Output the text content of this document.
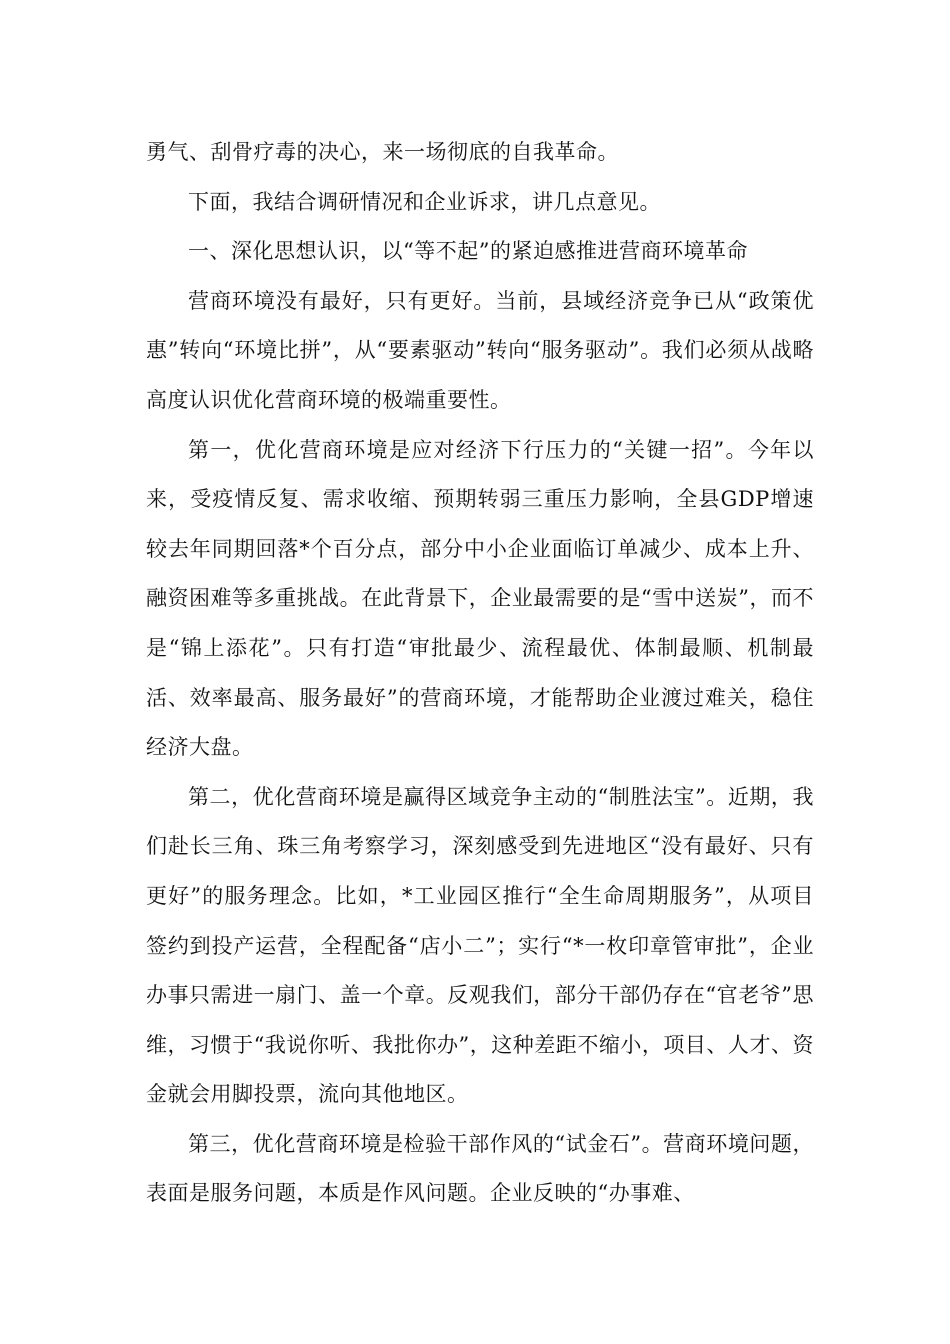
勇气、刮骨疗毒的决心，来一场彻底的自我革命。

下面，我结合调研情况和企业诉求，讲几点意见。

一、深化思想认识，以“等不起”的紧迫感推进营商环境革命

营商环境没有最好，只有更好。当前，县域经济竞争已从“政策优惠”转向“环境比拼”，从“要素驱动”转向“服务驱动”。我们必须从战略高度认识优化营商环境的极端重要性。

第一，优化营商环境是应对经济下行压力的“关键一招”。今年以来，受疫情反复、需求收缩、预期转弱三重压力影响，全县GDP增速较去年同期回落*个百分点，部分中小企业面临订单减少、成本上升、融资困难等多重挑战。在此背景下，企业最需要的是“雪中送炭”，而不是“锦上添花”。只有打造“审批最少、流程最优、体制最顺、机制最活、效率最高、服务最好”的营商环境，才能帮助企业渡过难关，稳住经济大盘。

第二，优化营商环境是赢得区域竞争主动的“制胜法宝”。近期，我们赴长三角、珠三角考察学习，深刻感受到先进地区“没有最好、只有更好”的服务理念。比如，*工业园区推行“全生命周期服务”，从项目签约到投产运营，全程配备“店小二”；实行“*一枚印章管审批”，企业办事只需进一扇门、盖一个章。反观我们，部分干部仍存在“官老爷”思维，习惯于“我说你听、我批你办”，这种差距不缩小，项目、人才、资金就会用脚投票，流向其他地区。

第三，优化营商环境是检验干部作风的“试金石”。营商环境问题，表面是服务问题，本质是作风问题。企业反映的“办事难、
